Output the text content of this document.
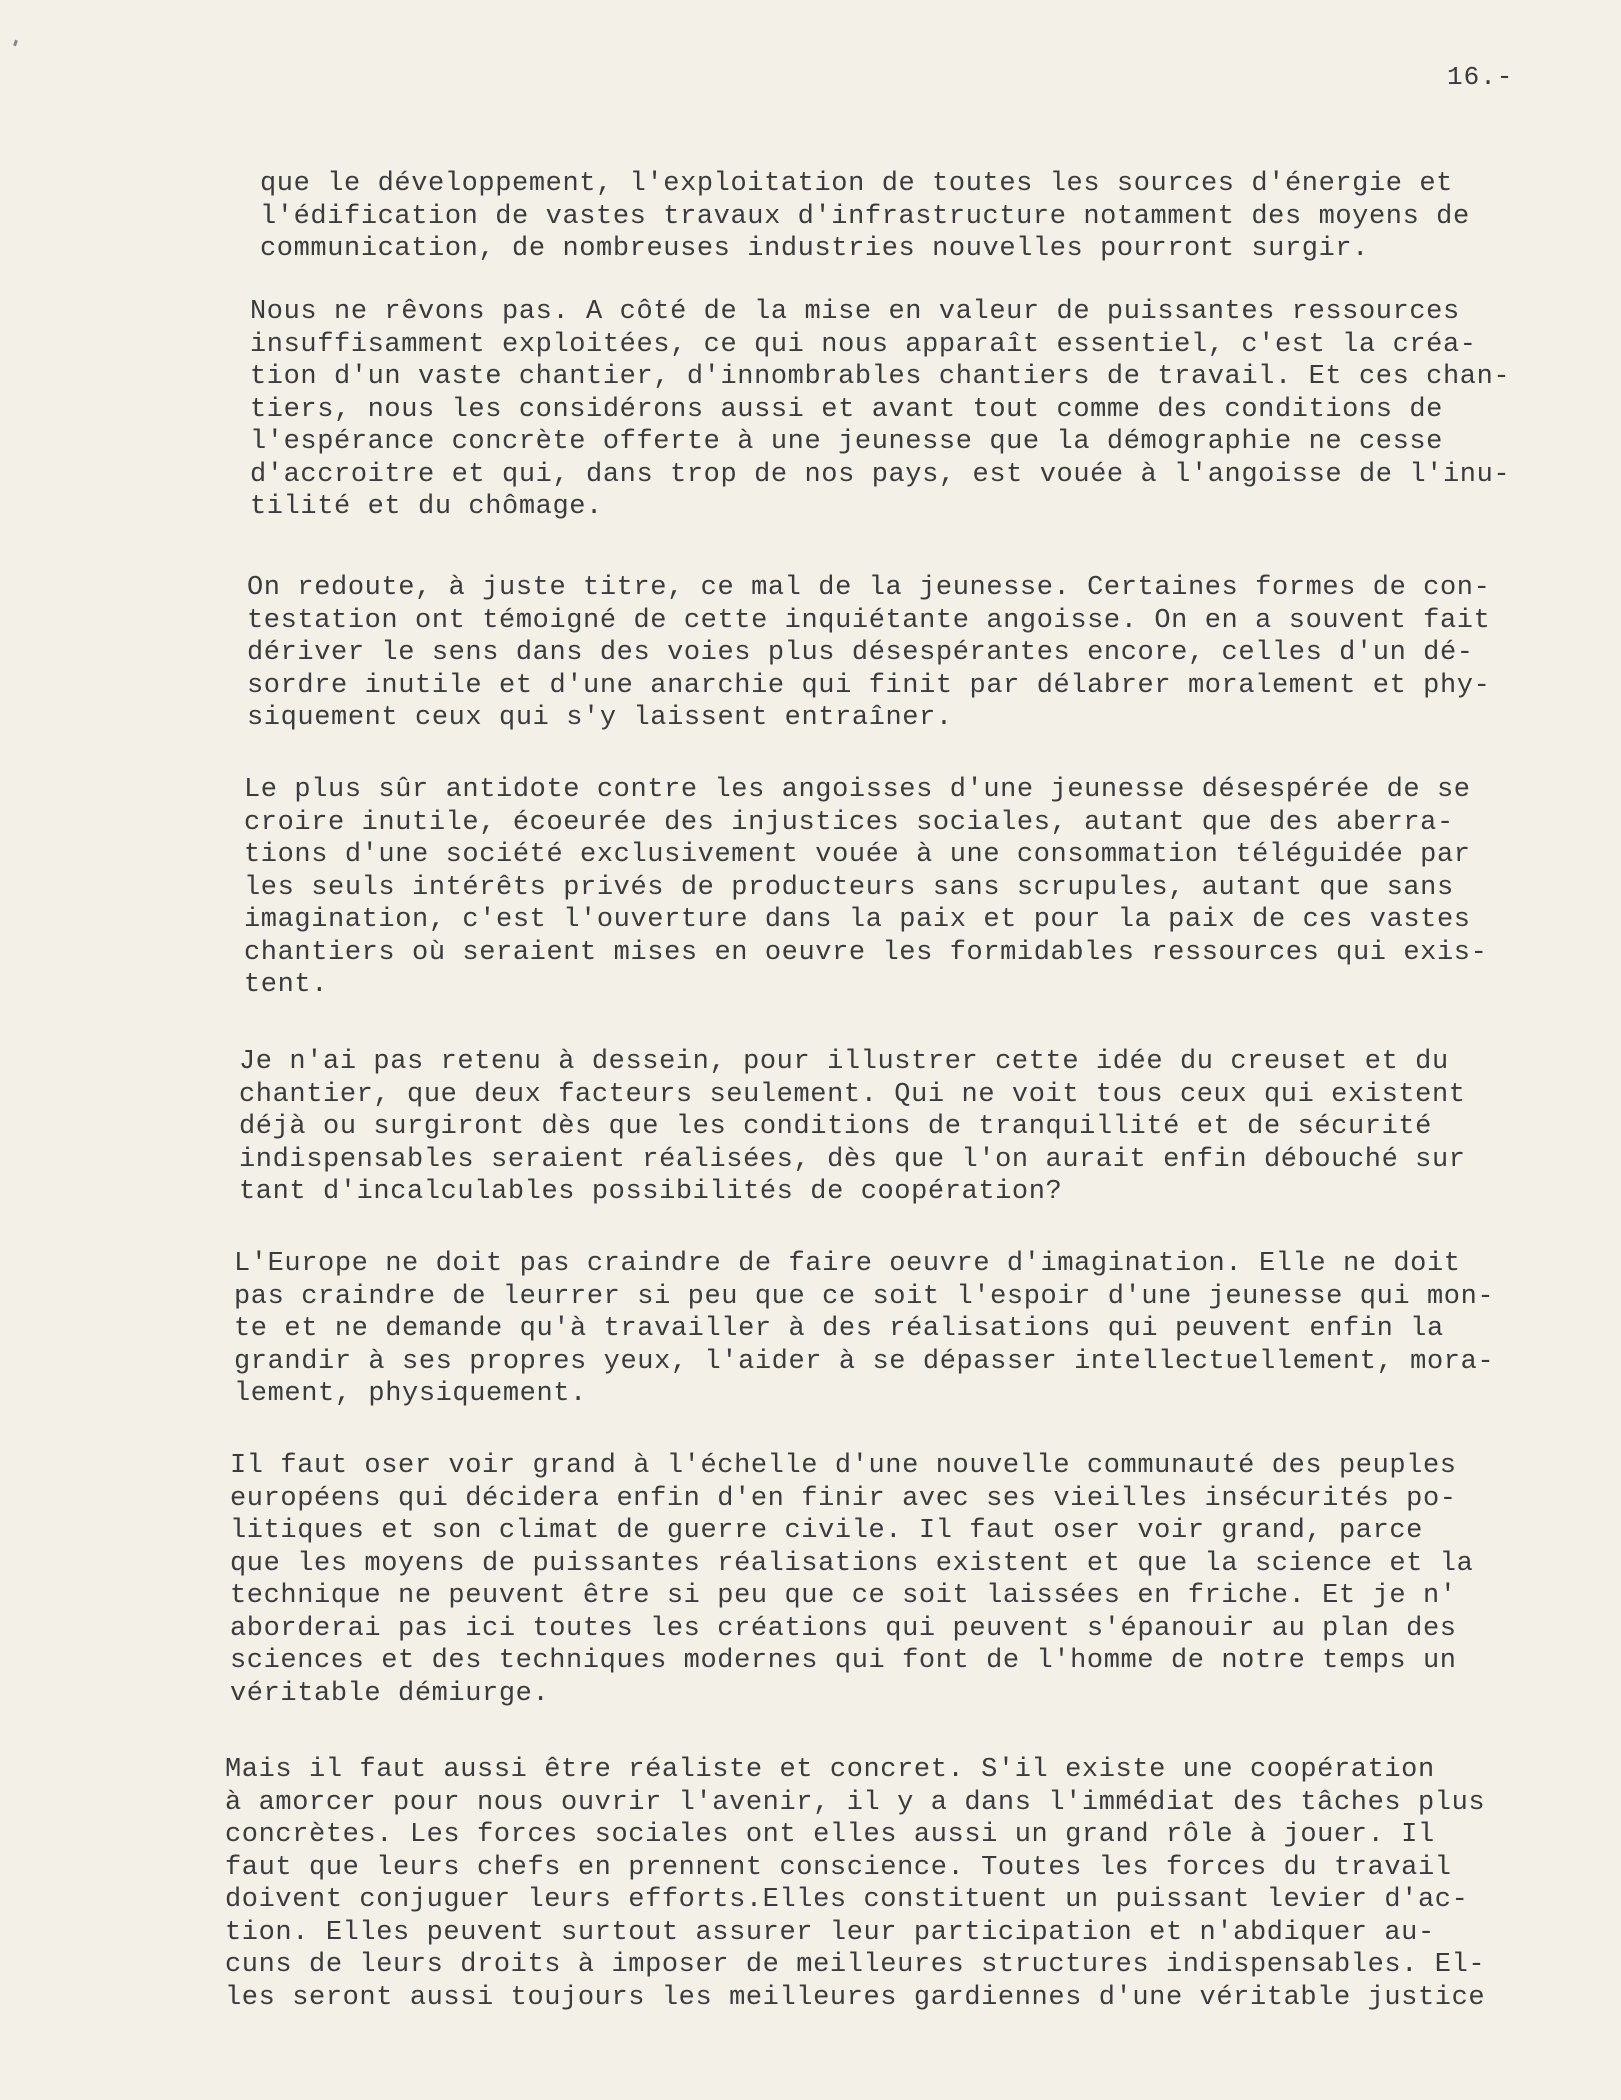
16.-
que le développement, l'exploitation de toutes les sources d'énergie et
l'édification de vastes travaux d'infrastructure notamment des moyens de
communication, de nombreuses industries nouvelles pourront surgir.
Nous ne rêvons pas. A côté de la mise en valeur de puissantes ressources
insuffisamment exploitées, ce qui nous apparaît essentiel, c'est la créa-
tion d'un vaste chantier, d'innombrables chantiers de travail. Et ces chan-
tiers, nous les considérons aussi et avant tout comme des conditions de
l'espérance concrète offerte à une jeunesse que la démographie ne cesse
d'accroitre et qui, dans trop de nos pays, est vouée à l'angoisse de l'inu-
tilité et du chômage.
On redoute, à juste titre, ce mal de la jeunesse. Certaines formes de con-
testation ont témoigné de cette inquiétante angoisse. On en a souvent fait
dériver le sens dans des voies plus désespérantes encore, celles d'un dé-
sordre inutile et d'une anarchie qui finit par délabrer moralement et phy-
siquement ceux qui s'y laissent entraîner.
Le plus sûr antidote contre les angoisses d'une jeunesse désespérée de se
croire inutile, écoeurée des injustices sociales, autant que des aberra-
tions d'une société exclusivement vouée à une consommation téléguidée par
les seuls intérêts privés de producteurs sans scrupules, autant que sans
imagination, c'est l'ouverture dans la paix et pour la paix de ces vastes
chantiers où seraient mises en oeuvre les formidables ressources qui exis-
tent.
Je n'ai pas retenu à dessein, pour illustrer cette idée du creuset et du
chantier, que deux facteurs seulement. Qui ne voit tous ceux qui existent
déjà ou surgiront dès que les conditions de tranquillité et de sécurité
indispensables seraient réalisées, dès que l'on aurait enfin débouché sur
tant d'incalculables possibilités de coopération?
L'Europe ne doit pas craindre de faire oeuvre d'imagination. Elle ne doit
pas craindre de leurrer si peu que ce soit l'espoir d'une jeunesse qui mon-
te et ne demande qu'à travailler à des réalisations qui peuvent enfin la
grandir à ses propres yeux, l'aider à se dépasser intellectuellement, mora-
lement, physiquement.
Il faut oser voir grand à l'échelle d'une nouvelle communauté des peuples
européens qui décidera enfin d'en finir avec ses vieilles insécurités po-
litiques et son climat de guerre civile. Il faut oser voir grand, parce
que les moyens de puissantes réalisations existent et que la science et la
technique ne peuvent être si peu que ce soit laissées en friche. Et je n'
aborderai pas ici toutes les créations qui peuvent s'épanouir au plan des
sciences et des techniques modernes qui font de l'homme de notre temps un
véritable démiurge.
Mais il faut aussi être réaliste et concret. S'il existe une coopération
à amorcer pour nous ouvrir l'avenir, il y a dans l'immédiat des tâches plus
concrètes. Les forces sociales ont elles aussi un grand rôle à jouer. Il
faut que leurs chefs en prennent conscience. Toutes les forces du travail
doivent conjuguer leurs efforts.Elles constituent un puissant levier d'ac-
tion. Elles peuvent surtout assurer leur participation et n'abdiquer au-
cuns de leurs droits à imposer de meilleures structures indispensables. El-
les seront aussi toujours les meilleures gardiennes d'une véritable justice
